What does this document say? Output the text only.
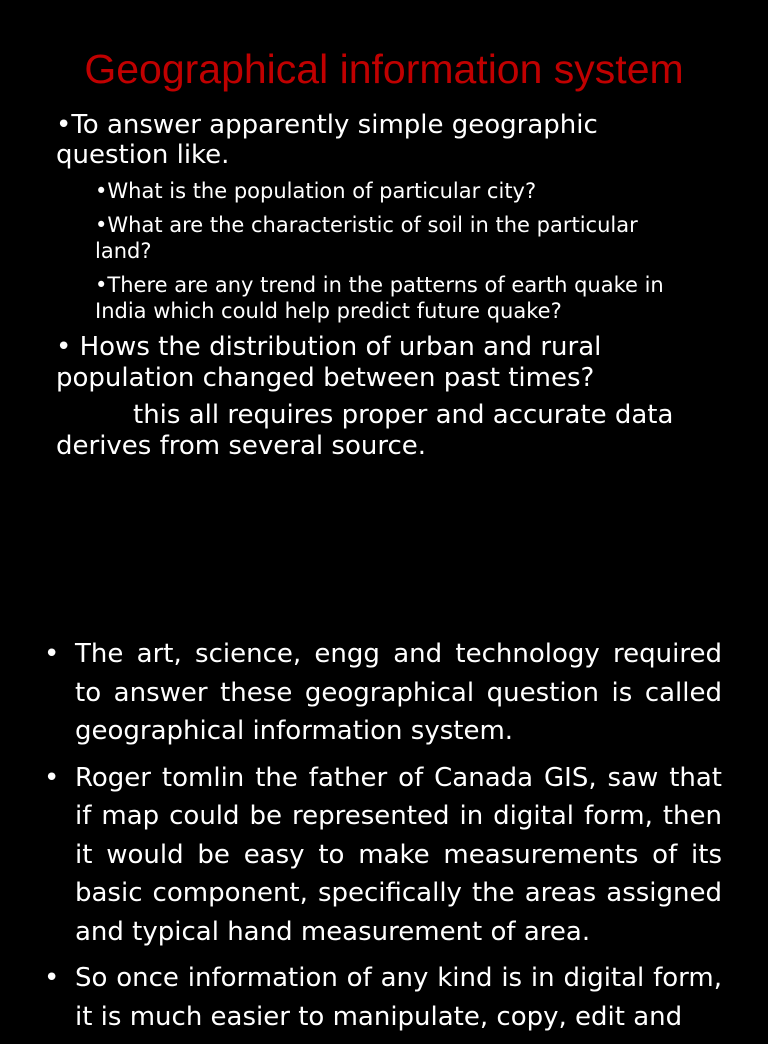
Geographical information system
•To answer apparently simple geographic
question like.
•What is the population of particular city?
•What are the characteristic of soil in the particular
land?
•There are any trend in the patterns of earth quake in
India which could help predict future quake?
• Hows the distribution of urban and rural
population changed between past times?
this all requires proper and accurate data
derives from several source.
• The art, science, engg and technology required to answer these geographical question is called geographical information system.
• Roger tomlin the father of Canada GIS, saw that if map could be represented in digital form, then it would be easy to make measurements of its basic component, specifically the areas assigned and typical hand measurement of area.
• So once information of any kind is in digital form, it is much easier to manipulate, copy, edit and
